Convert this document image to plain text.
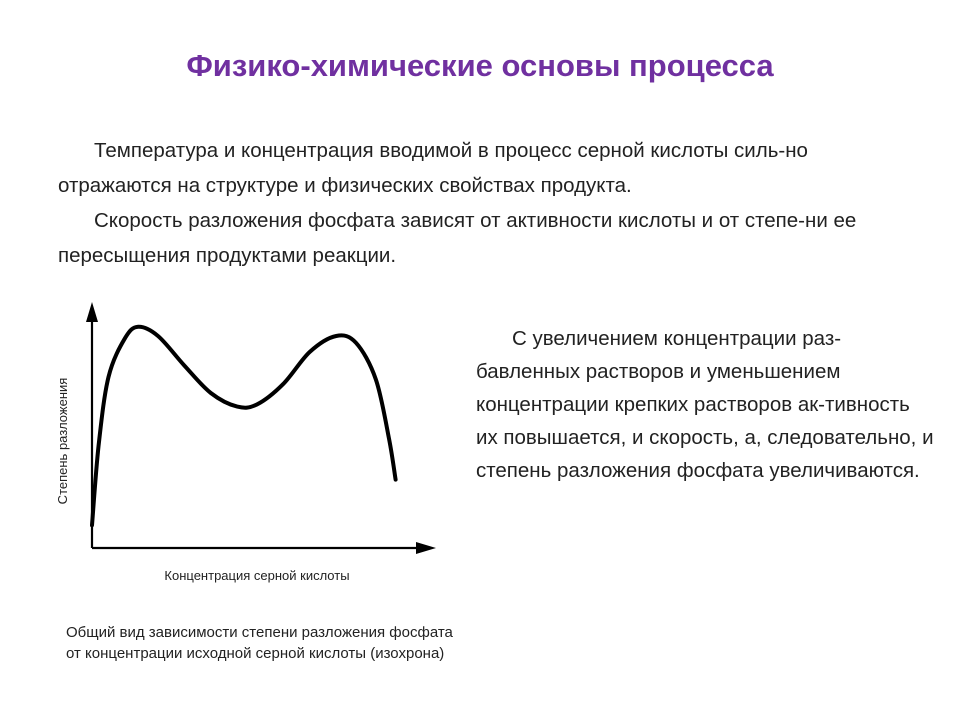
Физико-химические основы процесса

Температура и концентрация вводимой в процесс серной кислоты силь-но отражаются на структуре и физических свойствах продукта.

Скорость разложения фосфата зависят от активности кислоты и от степе-ни ее пересыщения продуктами реакции.

Степень разложения
Концентрация серной кислоты

С увеличением концентрации раз-бавленных растворов и уменьшением концентрации крепких растворов ак-тивность их повышается, и скорость, а, следовательно, и степень разложения фосфата увеличиваются.

Общий вид зависимости степени разложения фосфата
от концентрации исходной серной кислоты (изохрона)
